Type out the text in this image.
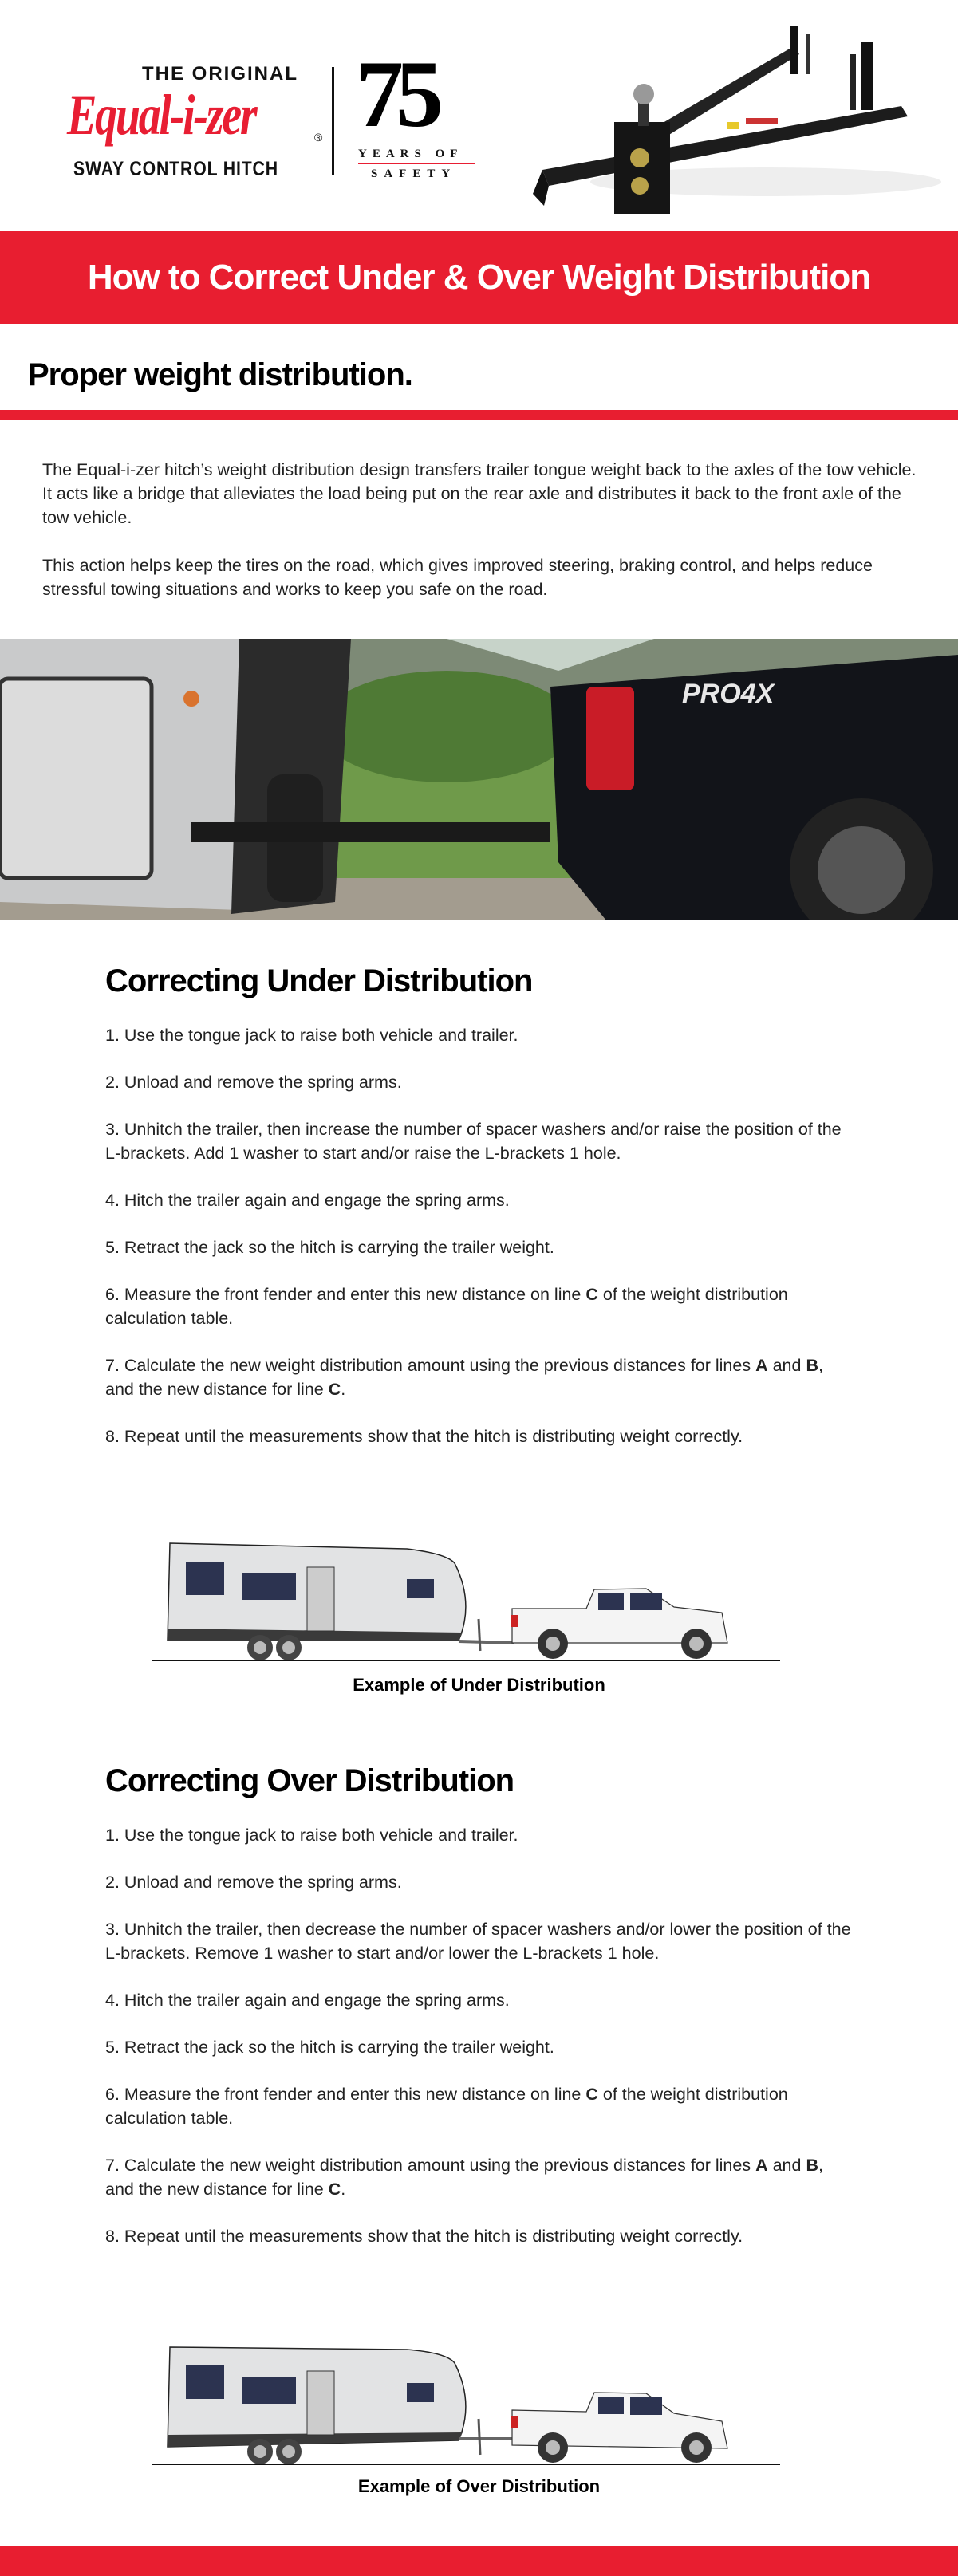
THE ORIGINAL
Equal-i-zer	®
SWAY CONTROL HITCH
75
YEARS OF
SAFETY
How to Correct Under & Over Weight Distribution
Proper weight distribution.

The Equal-i-zer hitch’s weight distribution design transfers trailer tongue weight back to the axles of the tow vehicle. It acts like a bridge that alleviates the load being put on the rear axle and distributes it back to the front axle of the tow vehicle.

This action helps keep the tires on the road, which gives improved steering, braking control, and helps reduce stressful towing situations and works to keep you safe on the road.

PRO4X
Correcting Under Distribution

1. Use the tongue jack to raise both vehicle and trailer.

2. Unload and remove the spring arms.

3. Unhitch the trailer, then increase the number of spacer washers and/or raise the position of the L-brackets. Add 1 washer to start and/or raise the L-brackets 1 hole.

4. Hitch the trailer again and engage the spring arms.

5. Retract the jack so the hitch is carrying the trailer weight.

6. Measure the front fender and enter this new distance on line C of the weight distribution calculation table.

7. Calculate the new weight distribution amount using the previous distances for lines A and B, and the new distance for line C.

8. Repeat until the measurements show that the hitch is distributing weight correctly.

Example of Under Distribution
Correcting Over Distribution

1. Use the tongue jack to raise both vehicle and trailer.

2. Unload and remove the spring arms.

3. Unhitch the trailer, then decrease the number of spacer washers and/or lower the position of the L-brackets. Remove 1 washer to start and/or lower the L-brackets 1 hole.

4. Hitch the trailer again and engage the spring arms.

5. Retract the jack so the hitch is carrying the trailer weight.

6. Measure the front fender and enter this new distance on line C of the weight distribution calculation table.

7. Calculate the new weight distribution amount using the previous distances for lines A and B, and the new distance for line C.

8. Repeat until the measurements show that the hitch is distributing weight correctly.

Example of Over Distribution
